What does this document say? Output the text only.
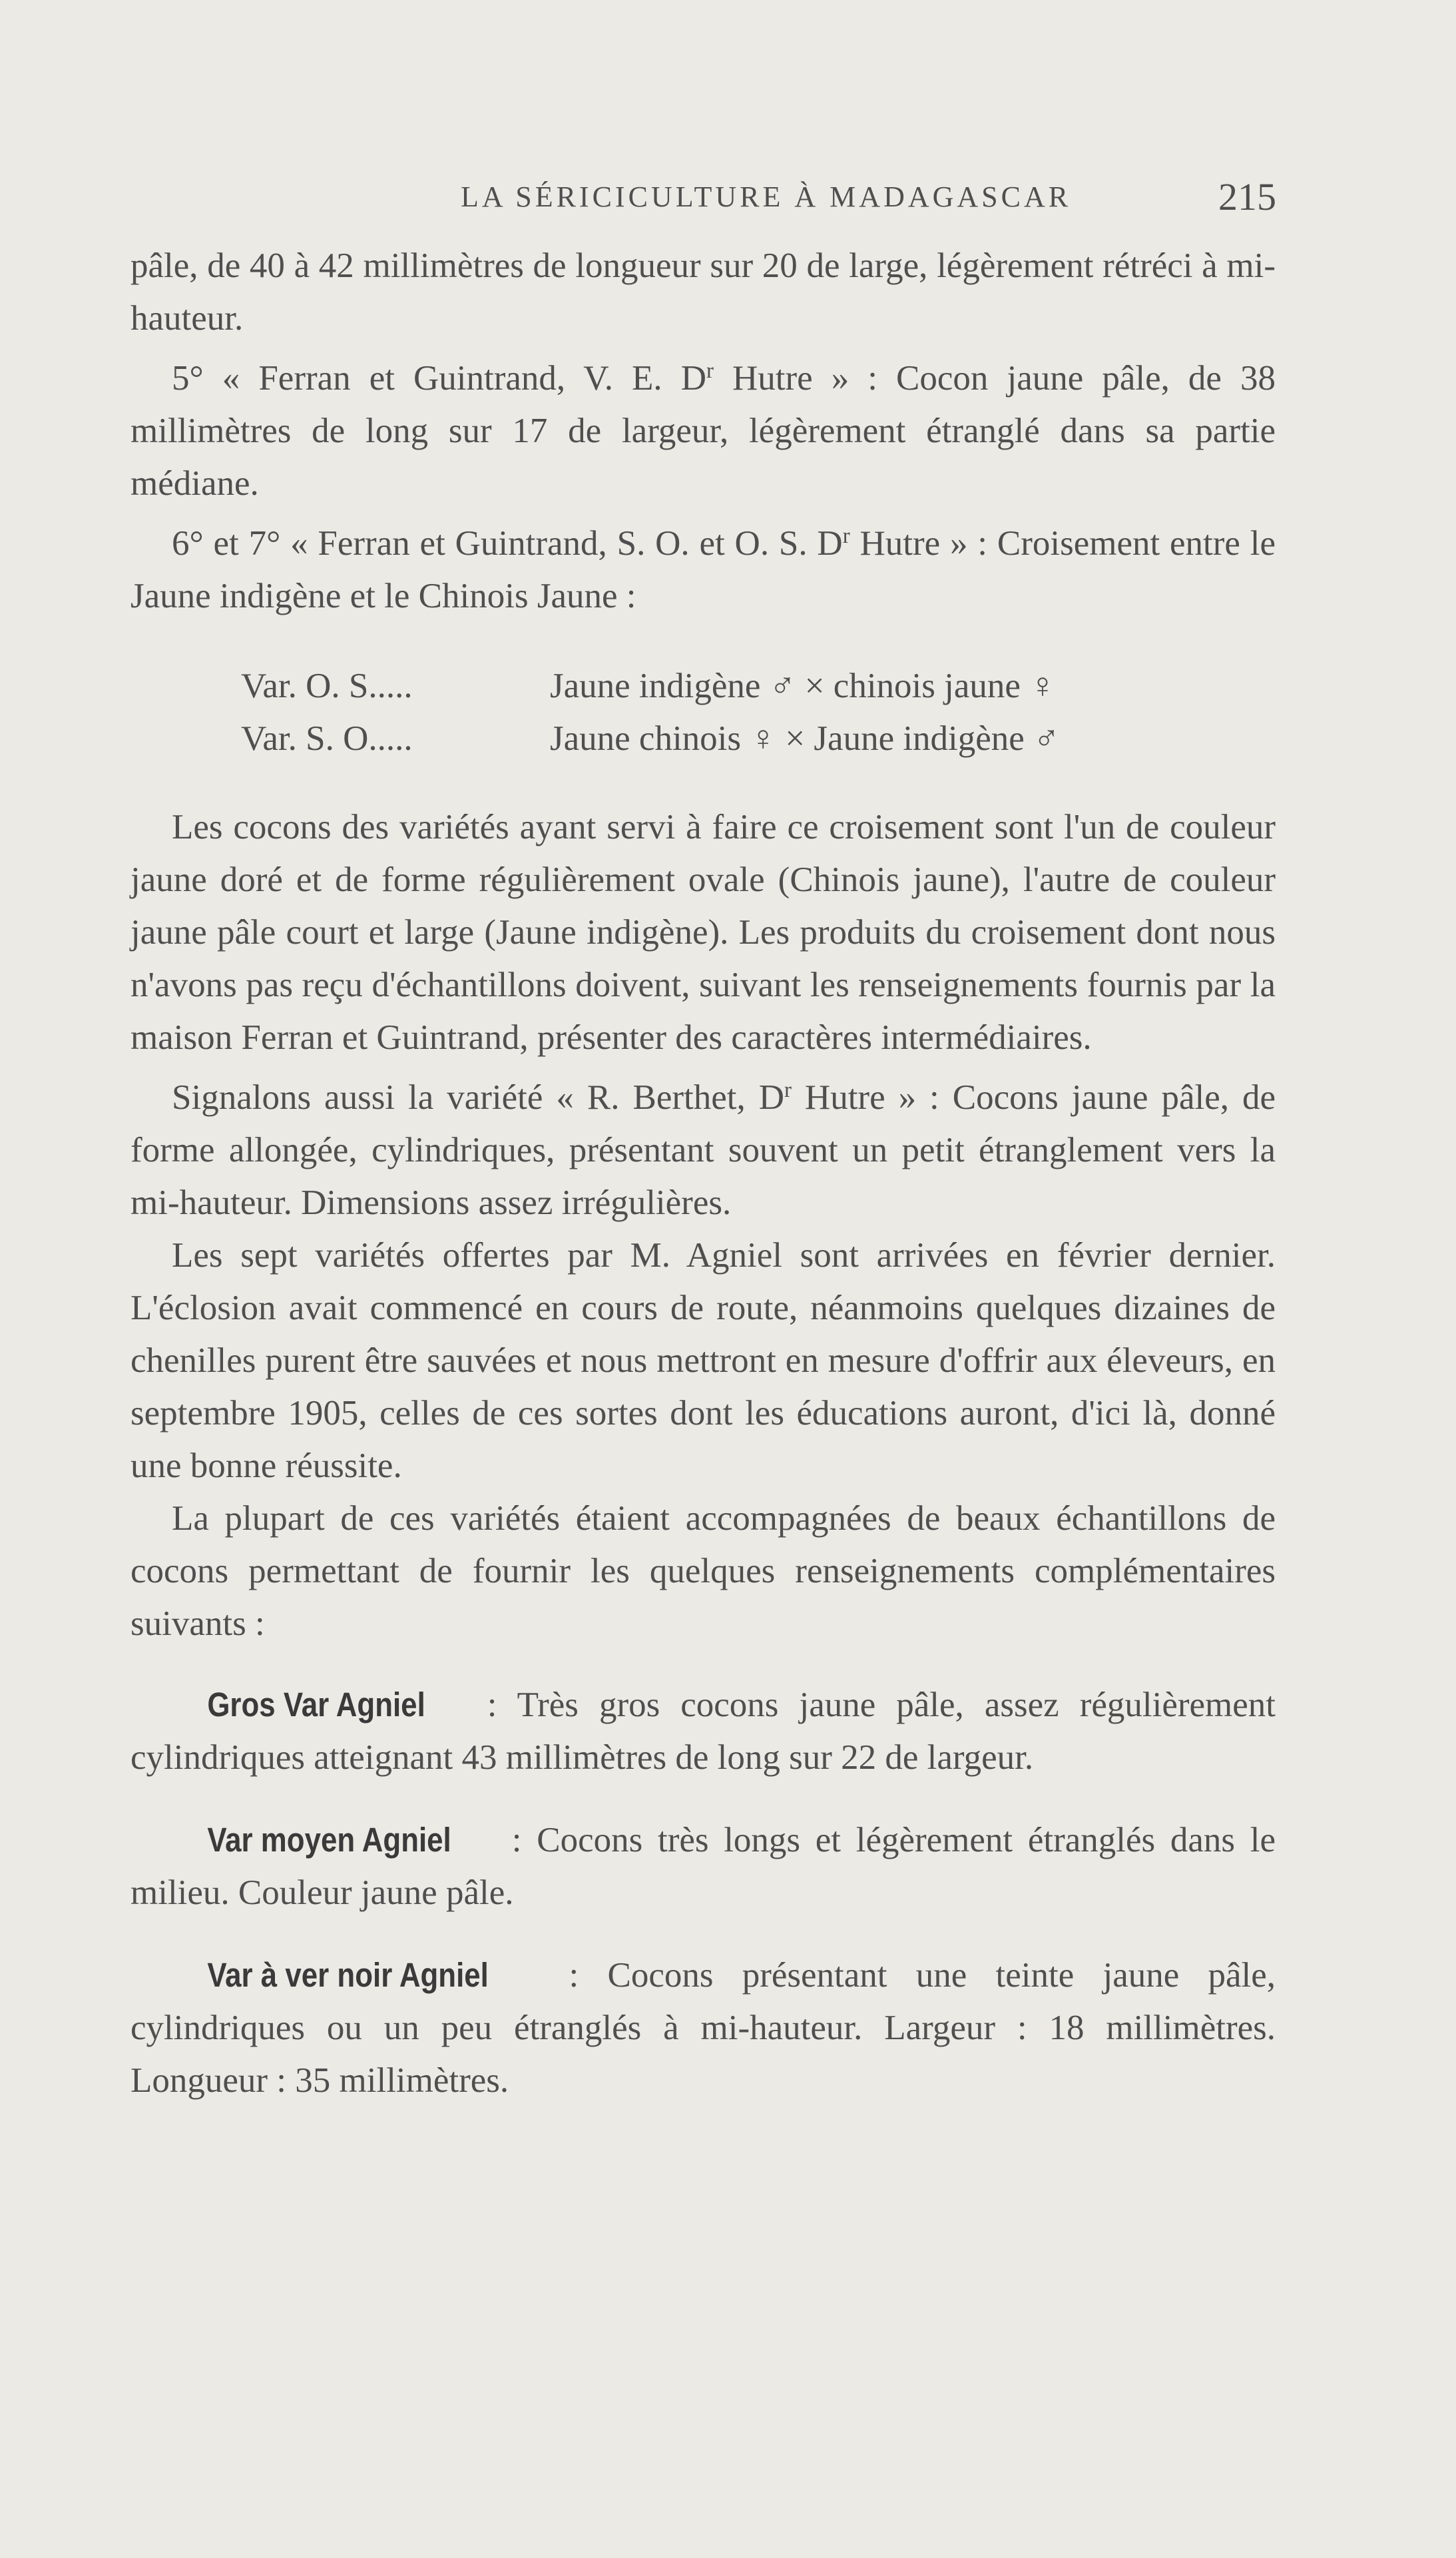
LA SÉRICICULTURE À MADAGASCAR	215

pâle, de 40 à 42 millimètres de longueur sur 20 de large, légèrement rétréci à mi-hauteur.

5° « Ferran et Guintrand, V. E. $D^r$ Hutre » : Cocon jaune pâle, de 38 millimètres de long sur 17 de largeur, légèrement étranglé dans sa partie médiane.

6° et 7° « Ferran et Guintrand, S. O. et O. S. $D^r$ Hutre » : Croisement entre le Jaune indigène et le Chinois Jaune :

Var. O. S.....	Jaune indigène ♂ × chinois jaune ♀
Var. S. O.....	Jaune chinois ♀ × Jaune indigène ♂

Les cocons des variétés ayant servi à faire ce croisement sont l'un de couleur jaune doré et de forme régulièrement ovale (Chinois jaune), l'autre de couleur jaune pâle court et large (Jaune indigène). Les produits du croisement dont nous n'avons pas reçu d'échantillons doivent, suivant les renseignements fournis par la maison Ferran et Guintrand, présenter des caractères intermédiaires.

Signalons aussi la variété « R. Berthet, $D^r$ Hutre » : Cocons jaune pâle, de forme allongée, cylindriques, présentant souvent un petit étranglement vers la mi-hauteur. Dimensions assez irrégulières.

Les sept variétés offertes par M. Agniel sont arrivées en février dernier. L'éclosion avait commencé en cours de route, néanmoins quelques dizaines de chenilles purent être sauvées et nous mettront en mesure d'offrir aux éleveurs, en septembre 1905, celles de ces sortes dont les éducations auront, d'ici là, donné une bonne réussite.

La plupart de ces variétés étaient accompagnées de beaux échantillons de cocons permettant de fournir les quelques renseignements complémentaires suivants :

Gros Var Agniel : Très gros cocons jaune pâle, assez régulièrement cylindriques atteignant 43 millimètres de long sur 22 de largeur.

Var moyen Agniel : Cocons très longs et légèrement étranglés dans le milieu. Couleur jaune pâle.

Var à ver noir Agniel : Cocons présentant une teinte jaune pâle, cylindriques ou un peu étranglés à mi-hauteur. Largeur : 18 millimètres. Longueur : 35 millimètres.
